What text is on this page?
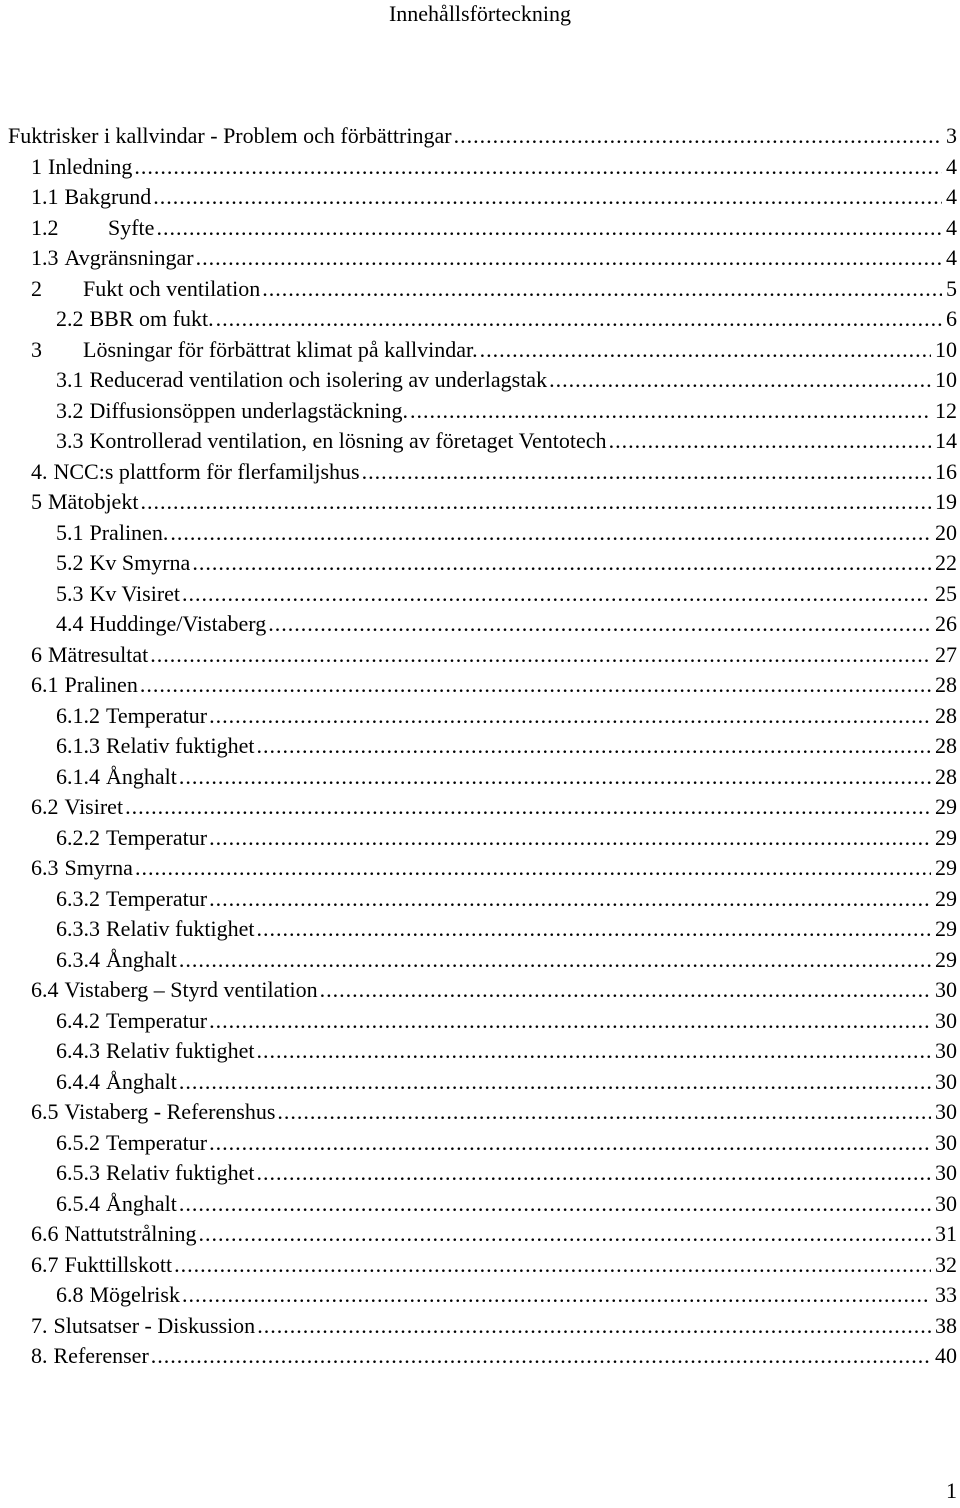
Innehållsförteckning
Fuktrisker i kallvindar - Problem och förbättringar .....	3
1 Inledning .....	4
1.1 Bakgrund .....	4
1.2	Syfte .....	4
1.3 Avgränsningar .....	4
2	Fukt och ventilation .....	5
2.2 BBR om fukt. .....	6
3	Lösningar för förbättrat klimat på kallvindar. .....	10
3.1 Reducerad ventilation och isolering av underlagstak .....	10
3.2 Diffusionsöppen underlagstäckning. .....	12
3.3 Kontrollerad ventilation, en lösning av företaget Ventotech .....	14
4. NCC:s plattform för flerfamiljshus .....	16
5 Mätobjekt .....	19
5.1 Pralinen. .....	20
5.2 Kv Smyrna .....	22
5.3 Kv Visiret .....	25
4.4 Huddinge/Vistaberg .....	26
6 Mätresultat .....	27
6.1 Pralinen .....	28
6.1.2 Temperatur .....	28
6.1.3 Relativ fuktighet .....	28
6.1.4 Ånghalt .....	28
6.2 Visiret .....	29
6.2.2 Temperatur .....	29
6.3 Smyrna .....	29
6.3.2 Temperatur .....	29
6.3.3 Relativ fuktighet .....	29
6.3.4 Ånghalt .....	29
6.4 Vistaberg – Styrd ventilation .....	30
6.4.2 Temperatur .....	30
6.4.3 Relativ fuktighet .....	30
6.4.4 Ånghalt .....	30
6.5 Vistaberg - Referenshus .....	30
6.5.2 Temperatur .....	30
6.5.3 Relativ fuktighet .....	30
6.5.4 Ånghalt .....	30
6.6 Nattutstrålning .....	31
6.7 Fukttillskott .....	32
6.8 Mögelrisk .....	33
7. Slutsatser - Diskussion .....	38
8. Referenser .....	40
1
